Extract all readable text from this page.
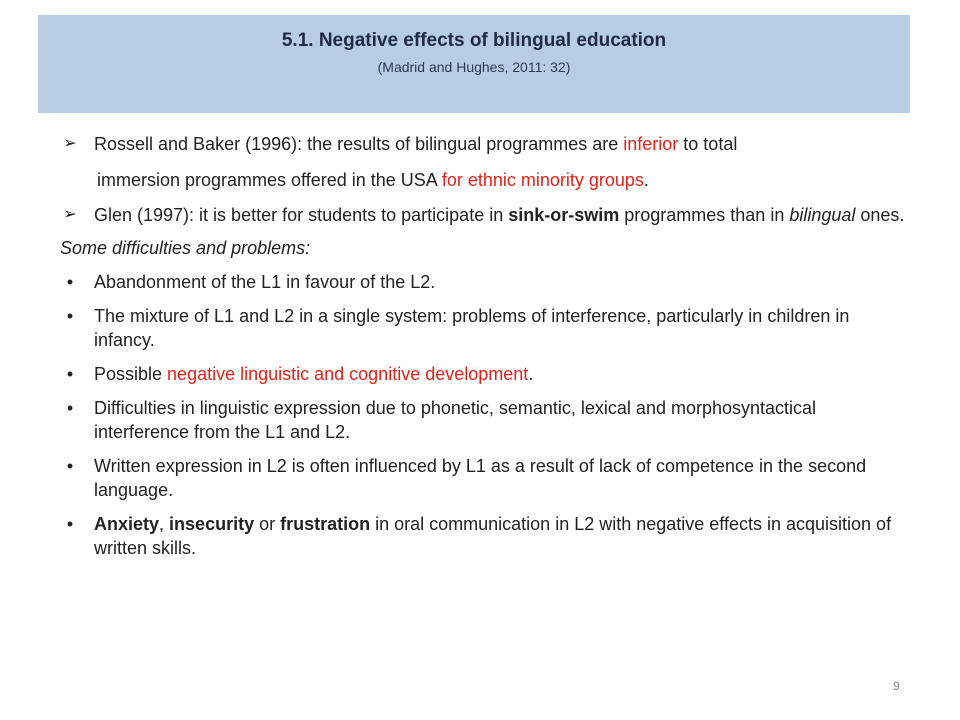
5.1. Negative effects of bilingual education
(Madrid and Hughes, 2011: 32)
➢ Rossell and Baker (1996): the results of bilingual programmes are inferior to total
immersion programmes offered in the USA for ethnic minority groups.
➢ Glen (1997): it is better for students to participate in sink-or-swim programmes than in bilingual ones.
Some difficulties and problems:
•	Abandonment of the L1 in favour of the L2.
•	The mixture of L1 and L2 in a single system: problems of interference, particularly in children in infancy.
•	Possible negative linguistic and cognitive development.
•	Difficulties in linguistic expression due to phonetic, semantic, lexical and morphosyntactical interference from the L1 and L2.
•	Written expression in L2 is often influenced by L1 as a result of lack of competence in the second language.
•	Anxiety, insecurity or frustration in oral communication in L2 with negative effects in acquisition of written skills.
9
